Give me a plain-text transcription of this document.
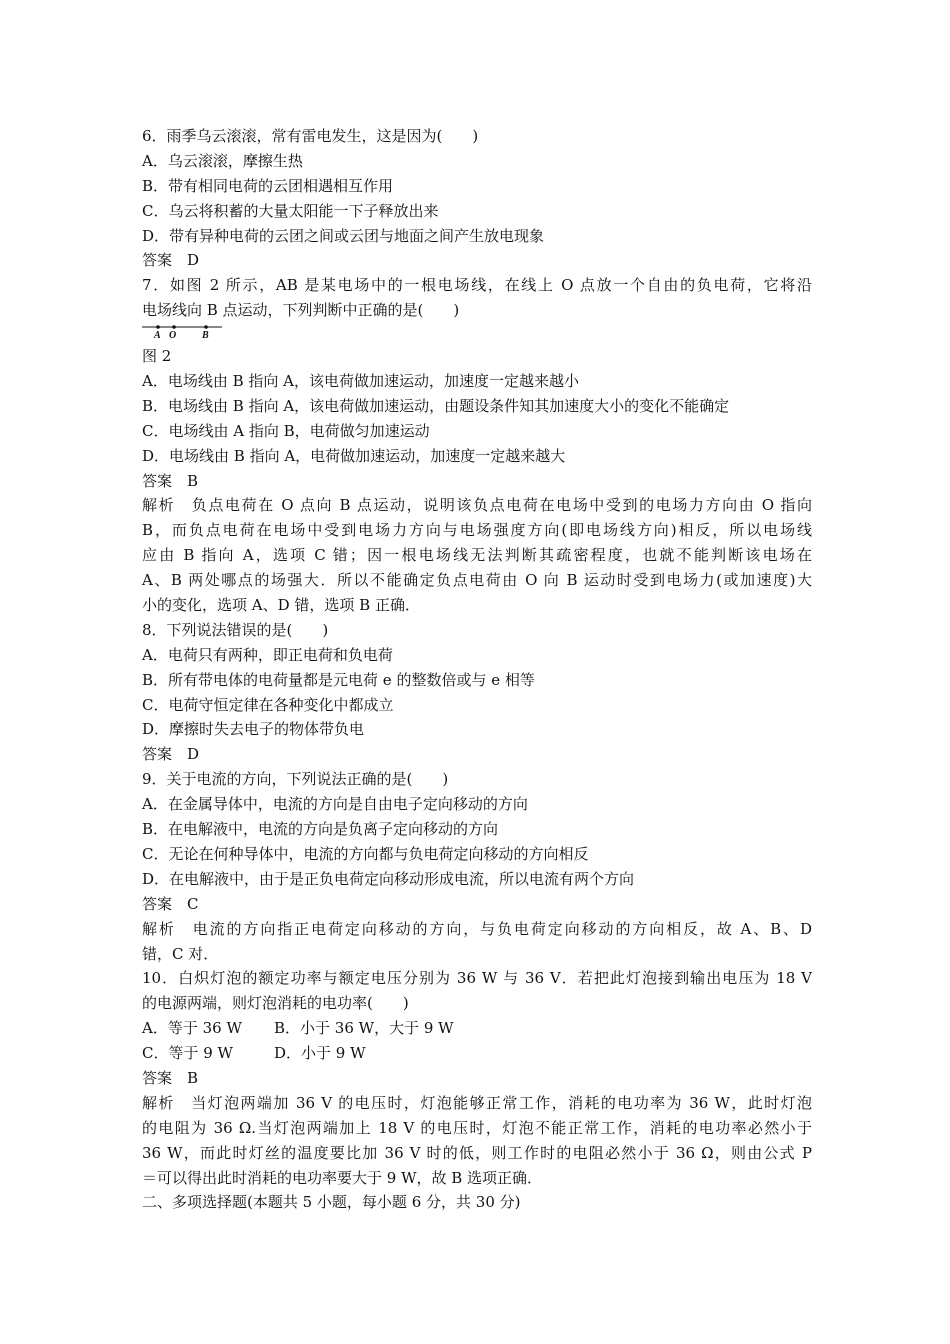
6．雨季乌云滚滚，常有雷电发生，这是因为(　　)
A．乌云滚滚，摩擦生热
B．带有相同电荷的云团相遇相互作用
C．乌云将积蓄的大量太阳能一下子释放出来
D．带有异种电荷的云团之间或云团与地面之间产生放电现象
答案　D
7．如图 2 所示，AB 是某电场中的一根电场线，在线上 O 点放一个自由的负电荷，它将沿
电场线向 B 点运动，下列判断中正确的是(　　)
A O	B
图 2
A．电场线由 B 指向 A，该电荷做加速运动，加速度一定越来越小
B．电场线由 B 指向 A，该电荷做加速运动，由题设条件知其加速度大小的变化不能确定
C．电场线由 A 指向 B，电荷做匀加速运动
D．电场线由 B 指向 A，电荷做加速运动，加速度一定越来越大
答案　B
解析　负点电荷在 O 点向 B 点运动，说明该负点电荷在电场中受到的电场力方向由 O 指向
B，而负点电荷在电场中受到电场力方向与电场强度方向(即电场线方向)相反，所以电场线
应由 B 指向 A，选项 C 错；因一根电场线无法判断其疏密程度，也就不能判断该电场在
A、B 两处哪点的场强大．所以不能确定负点电荷由 O 向 B 运动时受到电场力(或加速度)大
小的变化，选项 A、D 错，选项 B 正确．
8．下列说法错误的是(　　)
A．电荷只有两种，即正电荷和负电荷
B．所有带电体的电荷量都是元电荷 e 的整数倍或与 e 相等
C．电荷守恒定律在各种变化中都成立
D．摩擦时失去电子的物体带负电
答案　D
9．关于电流的方向，下列说法正确的是(　　)
A．在金属导体中，电流的方向是自由电子定向移动的方向
B．在电解液中，电流的方向是负离子定向移动的方向
C．无论在何种导体中，电流的方向都与负电荷定向移动的方向相反
D．在电解液中，由于是正负电荷定向移动形成电流，所以电流有两个方向
答案　C
解析　电流的方向指正电荷定向移动的方向，与负电荷定向移动的方向相反，故 A、B、D
错，C 对．
10．白炽灯泡的额定功率与额定电压分别为 36 W 与 36 V．若把此灯泡接到输出电压为 18 V
的电源两端，则灯泡消耗的电功率(　　)
A．等于 36 W B．小于 36 W，大于 9 W
C．等于 9 W	D．小于 9 W
答案　B
解析　当灯泡两端加 36 V 的电压时，灯泡能够正常工作，消耗的电功率为 36 W，此时灯泡
的电阻为 36 Ω.当灯泡两端加上 18 V 的电压时，灯泡不能正常工作，消耗的电功率必然小于
36 W，而此时灯丝的温度要比加 36 V 时的低，则工作时的电阻必然小于 36 Ω，则由公式 P
＝可以得出此时消耗的电功率要大于 9 W，故 B 选项正确．
二、多项选择题(本题共 5 小题，每小题 6 分，共 30 分)
